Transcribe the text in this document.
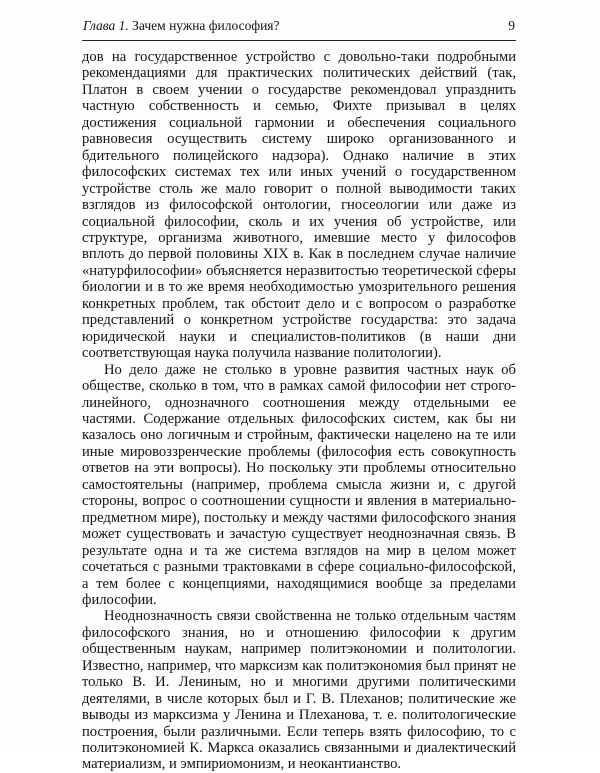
Глава 1. Зачем нужна философия?	9

дов на государственное устройство с довольно-таки подробными рекомендациями для практических политических действий (так, Платон в своем учении о государстве рекомендовал упразднить частную собственность и семью, Фихте призывал в целях достижения социальной гармонии и обеспечения социального равновесия осуществить систему широко организованного и бдительного полицейского надзора). Однако наличие в этих философских системах тех или иных учений о государственном устройстве столь же мало говорит о полной выводимости таких взглядов из философской онтологии, гносеологии или даже из социальной философии, сколь и их учения об устройстве, или структуре, организма животного, имевшие место у философов вплоть до первой половины XIX в. Как в последнем случае наличие «натурфилософии» объясняется неразвитостью теоретической сферы биологии и в то же время необходимостью умозрительного решения конкретных проблем, так обстоит дело и с вопросом о разработке представлений о конкретном устройстве государства: это задача юридической науки и специалистов-политиков (в наши дни соответствующая наука получила название политологии).

Но дело даже не столько в уровне развития частных наук об обществе, сколько в том, что в рамках самой философии нет строго-линейного, однозначного соотношения между отдельными ее частями. Содержание отдельных философских систем, как бы ни казалось оно логичным и стройным, фактически нацелено на те или иные мировоззренческие проблемы (философия есть совокупность ответов на эти вопросы). Но поскольку эти проблемы относительно самостоятельны (например, проблема смысла жизни и, с другой стороны, вопрос о соотношении сущности и явления в материально-предметном мире), постольку и между частями философского знания может существовать и зачастую существует неоднозначная связь. В результате одна и та же система взглядов на мир в целом может сочетаться с разными трактовками в сфере социально-философской, а тем более с концепциями, находящимися вообще за пределами философии.

Неоднозначность связи свойственна не только отдельным частям философского знания, но и отношению философии к другим общественным наукам, например политэкономии и политологии. Известно, например, что марксизм как политэкономия был принят не только В. И. Лениным, но и многими другими политическими деятелями, в числе которых был и Г. В. Плеханов; политические же выводы из марксизма у Ленина и Плеханова, т. е. политологические построения, были различными. Если теперь взять философию, то с политэкономией К. Маркса оказались связанными и диалектический материализм, и эмпириомонизм, и неокантианство.
